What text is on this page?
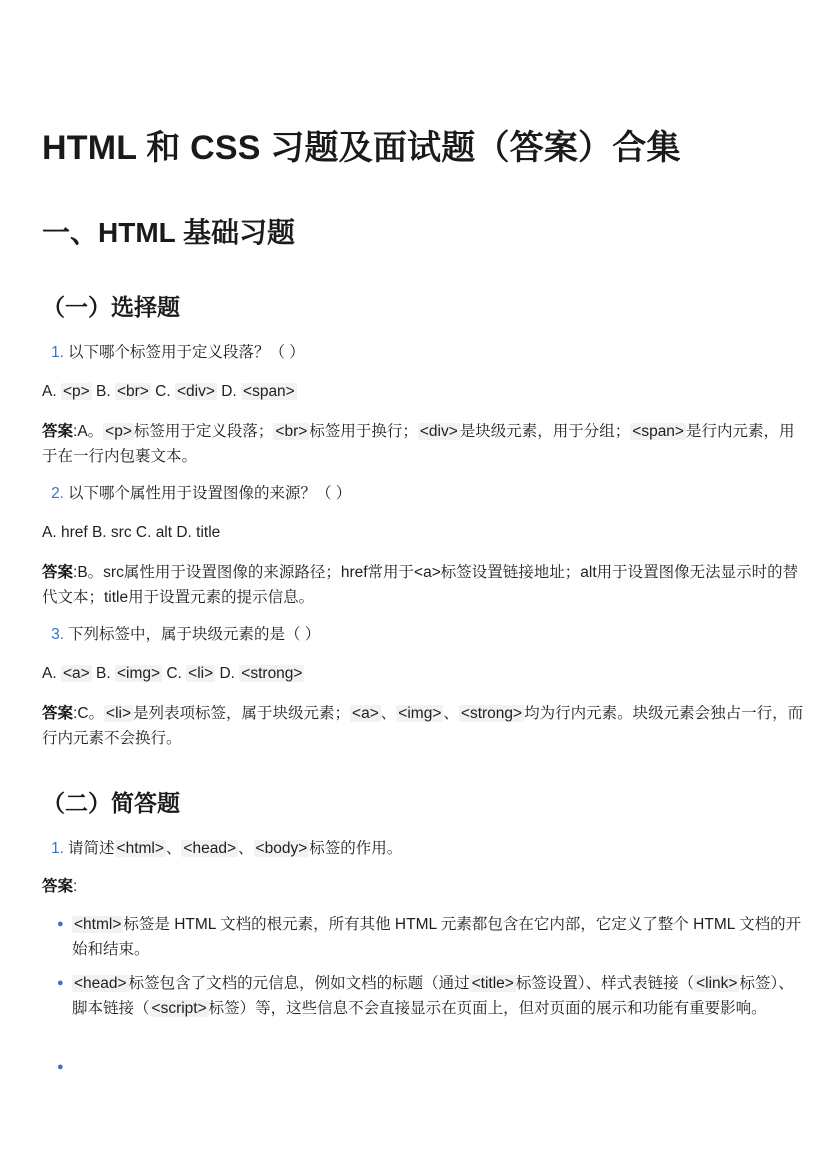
HTML 和 CSS 习题及面试题（答案）合集
一、HTML 基础习题
（一）选择题
1. 以下哪个标签用于定义段落？（ ）
A. <p> B. <br> C. <div> D. <span>
答案:A。 <p> 标签用于定义段落； <br> 标签用于换行； <div> 是块级元素，用于分组； <span> 是行内元素，用于在一行内包裹文本。
2. 以下哪个属性用于设置图像的来源？（ ）
A. href B. src C. alt D. title
答案:B。src属性用于设置图像的来源路径；href常用于<a>标签设置链接地址；alt用于设置图像无法显示时的替代文本；title用于设置元素的提示信息。
3. 下列标签中，属于块级元素的是（ ）
A. <a> B. <img> C. <li> D. <strong>
答案:C。 <li> 是列表项标签，属于块级元素； <a> 、 <img> 、 <strong> 均为行内元素。块级元素会独占一行，而行内元素不会换行。
（二）简答题
1. 请简述 <html> 、 <head> 、 <body> 标签的作用。
答案:
● <html> 标签是 HTML 文档的根元素，所有其他 HTML 元素都包含在它内部，它定义了整个 HTML 文档的开始和结束。
● <head> 标签包含了文档的元信息，例如文档的标题（通过 <title> 标签设置）、样式表链接（ <link> 标签）、脚本链接（ <script> 标签）等，这些信息不会直接显示在页面上，但对页面的展示和功能有重要影响。
●
